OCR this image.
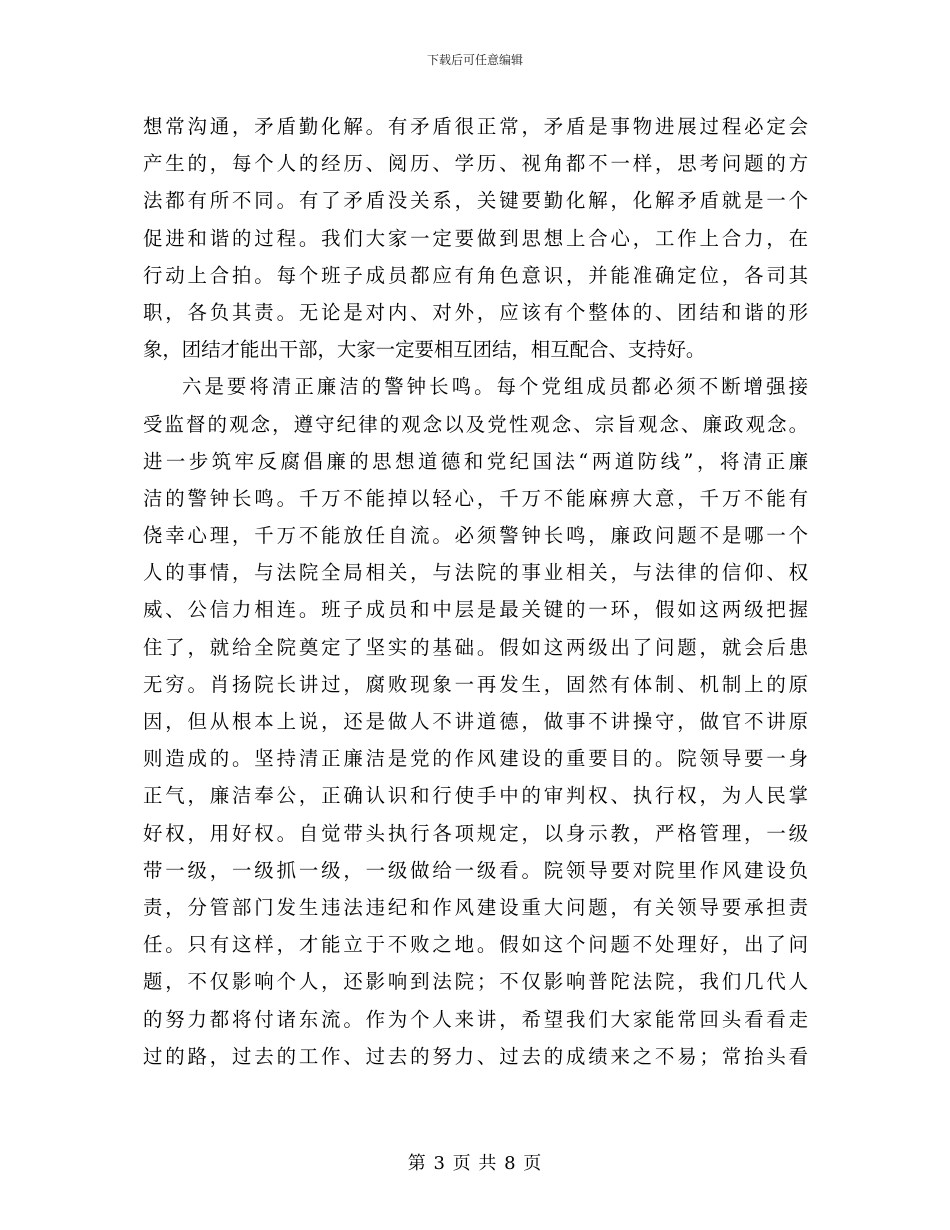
下载后可任意编辑
想常沟通，矛盾勤化解。有矛盾很正常，矛盾是事物进展过程必定会
产生的，每个人的经历、阅历、学历、视角都不一样，思考问题的方
法都有所不同。有了矛盾没关系，关键要勤化解，化解矛盾就是一个
促进和谐的过程。我们大家一定要做到思想上合心，工作上合力，在
行动上合拍。每个班子成员都应有角色意识，并能准确定位，各司其
职，各负其责。无论是对内、对外，应该有个整体的、团结和谐的形
象，团结才能出干部，大家一定要相互团结，相互配合、支持好。
六是要将清正廉洁的警钟长鸣。每个党组成员都必须不断增强接
受监督的观念，遵守纪律的观念以及党性观念、宗旨观念、廉政观念。
进一步筑牢反腐倡廉的思想道德和党纪国法“两道防线”，将清正廉
洁的警钟长鸣。千万不能掉以轻心，千万不能麻痹大意，千万不能有
侥幸心理，千万不能放任自流。必须警钟长鸣，廉政问题不是哪一个
人的事情，与法院全局相关，与法院的事业相关，与法律的信仰、权
威、公信力相连。班子成员和中层是最关键的一环，假如这两级把握
住了，就给全院奠定了坚实的基础。假如这两级出了问题，就会后患
无穷。肖扬院长讲过，腐败现象一再发生，固然有体制、机制上的原
因，但从根本上说，还是做人不讲道德，做事不讲操守，做官不讲原
则造成的。坚持清正廉洁是党的作风建设的重要目的。院领导要一身
正气，廉洁奉公，正确认识和行使手中的审判权、执行权，为人民掌
好权，用好权。自觉带头执行各项规定，以身示教，严格管理，一级
带一级，一级抓一级，一级做给一级看。院领导要对院里作风建设负
责，分管部门发生违法违纪和作风建设重大问题，有关领导要承担责
任。只有这样，才能立于不败之地。假如这个问题不处理好，出了问
题，不仅影响个人，还影响到法院；不仅影响普陀法院，我们几代人
的努力都将付诸东流。作为个人来讲，希望我们大家能常回头看看走
过的路，过去的工作、过去的努力、过去的成绩来之不易；常抬头看
第 3 页 共 8 页
